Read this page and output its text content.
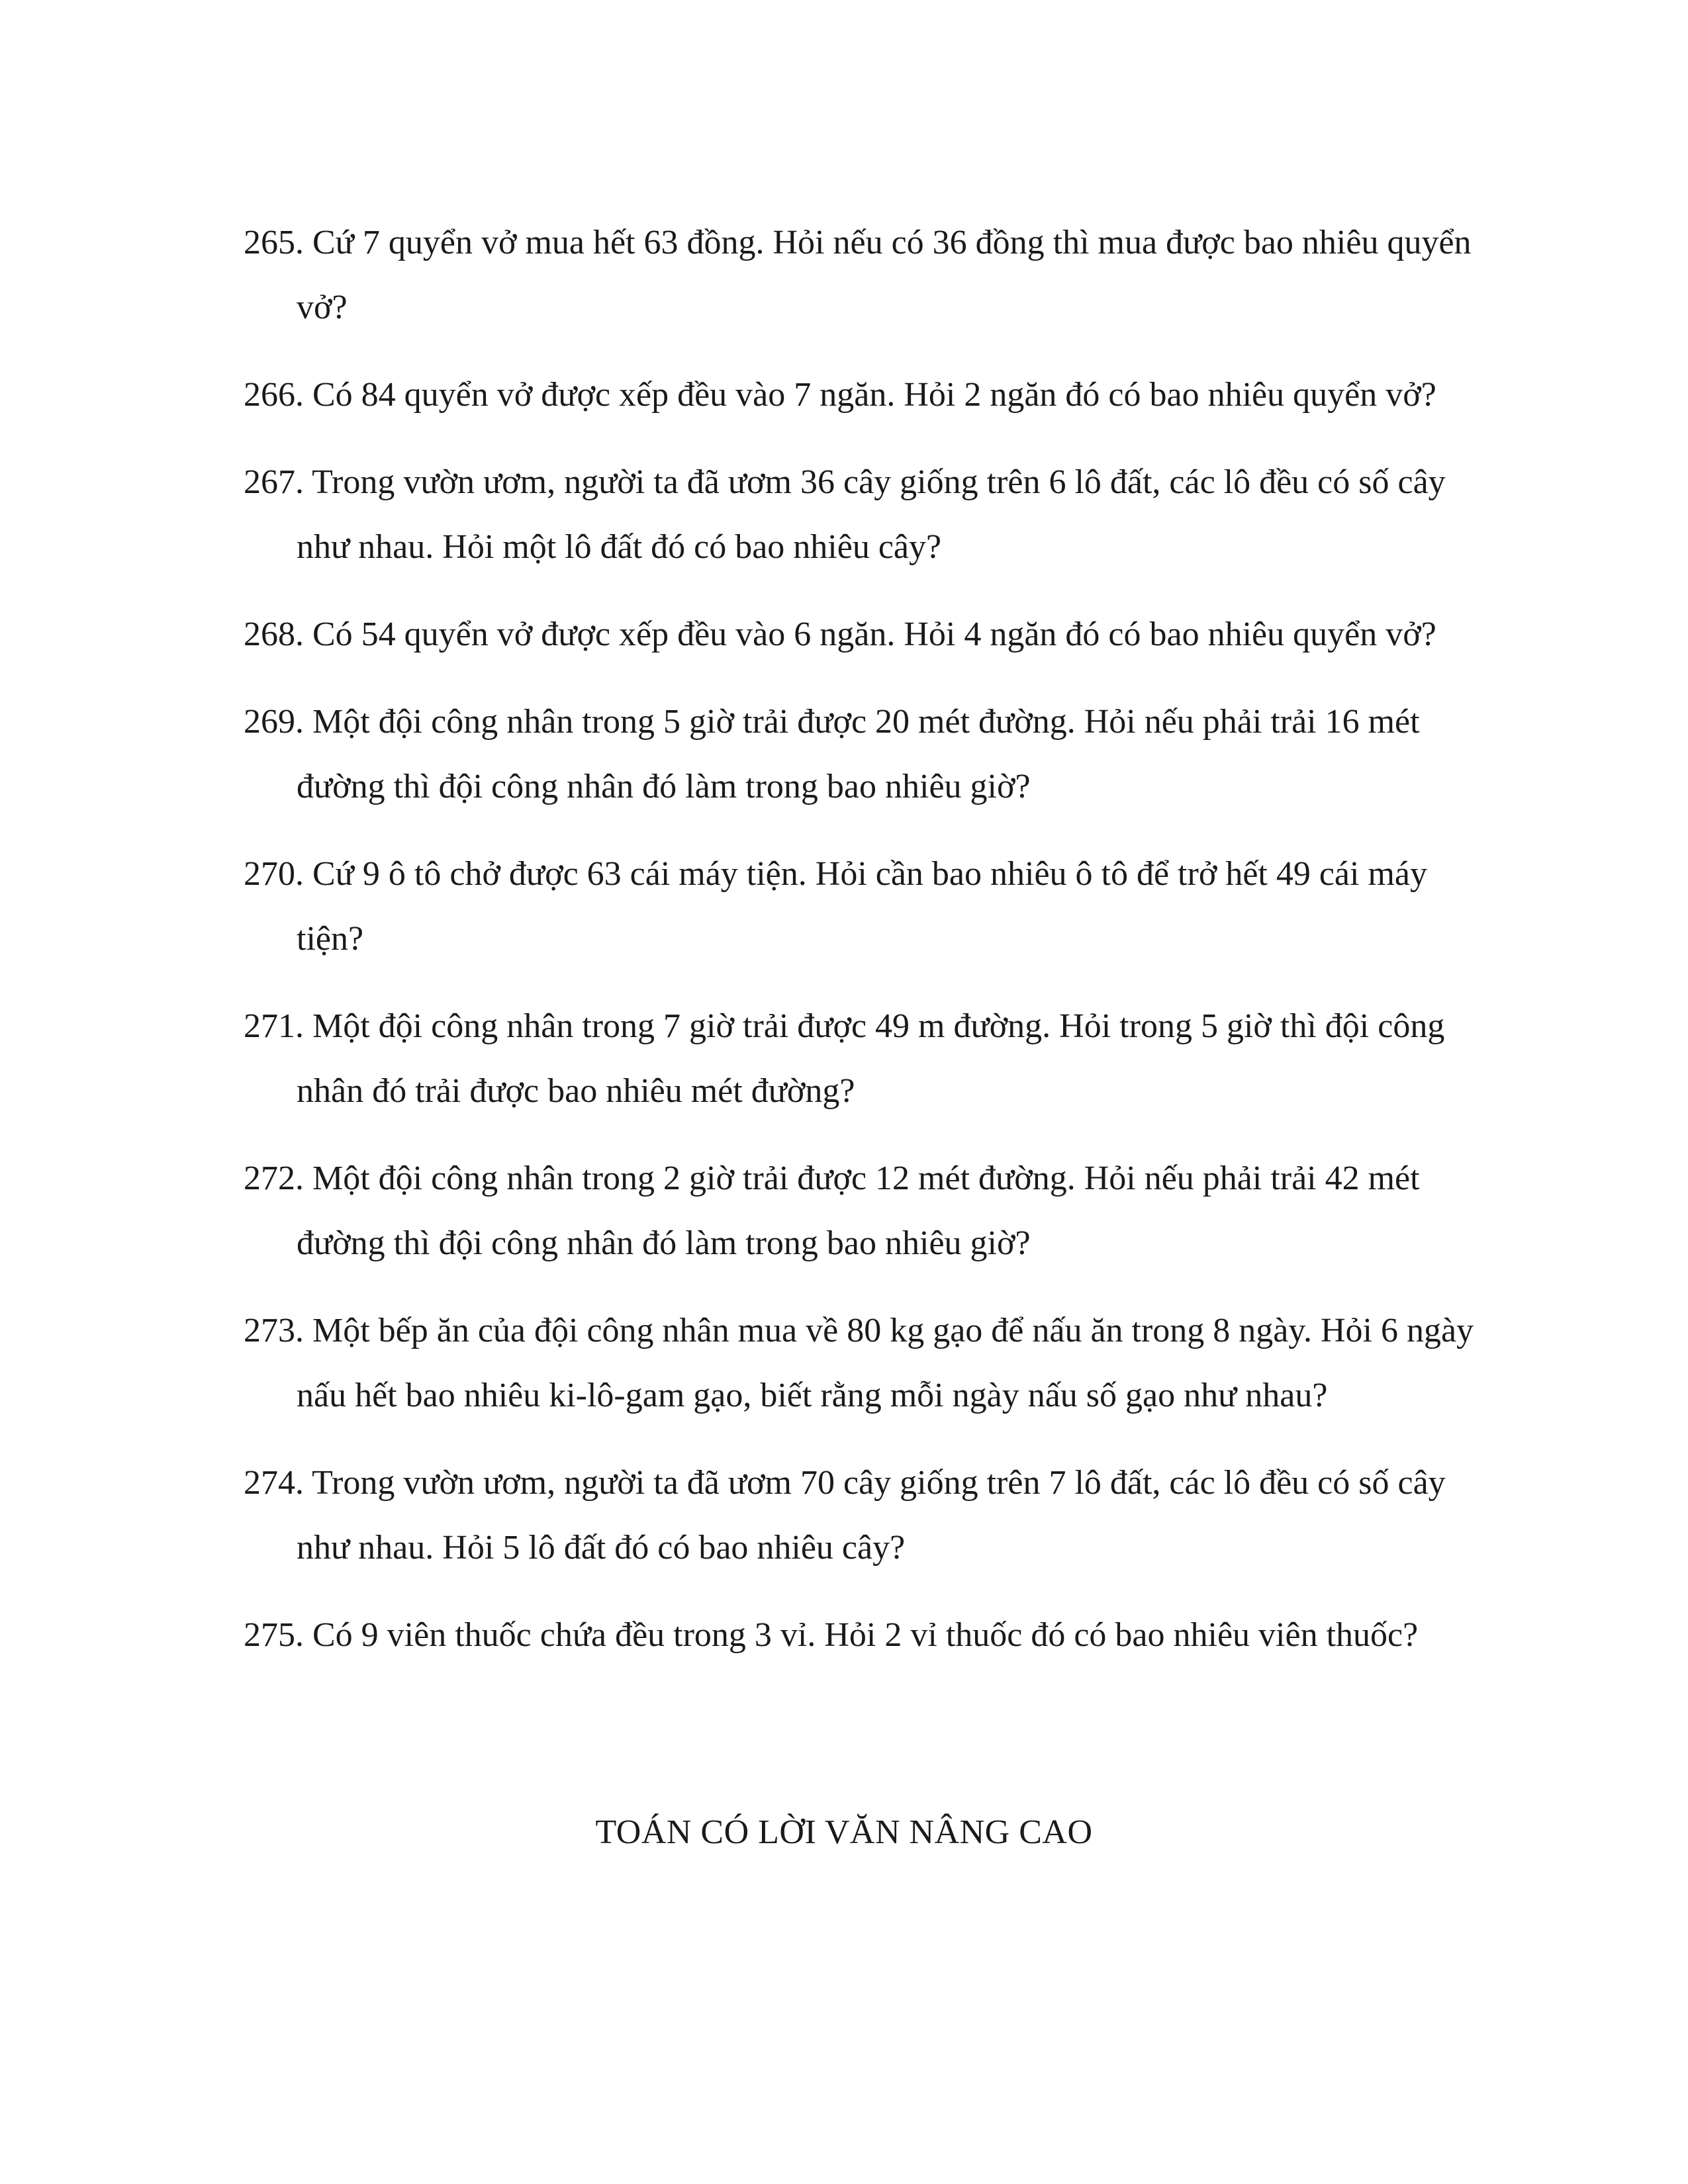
265. Cứ 7 quyển vở mua hết 63 đồng. Hỏi nếu có 36 đồng thì mua được bao nhiêu quyển vở?
266. Có 84 quyển vở được xếp đều vào 7 ngăn. Hỏi 2 ngăn đó có bao nhiêu quyển vở?
267. Trong vườn ươm, người ta đã ươm 36 cây giống trên 6 lô đất, các lô đều có số cây như nhau. Hỏi một lô đất đó có bao nhiêu cây?
268. Có 54 quyển vở được xếp đều vào 6 ngăn. Hỏi 4 ngăn đó có bao nhiêu quyển vở?
269. Một đội công nhân trong 5 giờ trải được 20 mét đường. Hỏi nếu phải trải 16 mét đường thì đội công nhân đó làm trong bao nhiêu giờ?
270. Cứ 9 ô tô chở được 63 cái máy tiện. Hỏi cần bao nhiêu ô tô để trở hết 49 cái máy tiện?
271. Một đội công nhân trong 7 giờ trải được 49 m đường. Hỏi trong 5 giờ thì đội công nhân đó trải được bao nhiêu mét đường?
272. Một đội công nhân trong 2 giờ trải được 12 mét đường. Hỏi nếu phải trải 42 mét đường thì đội công nhân đó làm trong bao nhiêu giờ?
273. Một bếp ăn của đội công nhân mua về 80 kg gạo để nấu ăn trong 8 ngày. Hỏi 6 ngày nấu hết bao nhiêu ki-lô-gam gạo, biết rằng mỗi ngày nấu số gạo như nhau?
274. Trong vườn ươm, người ta đã ươm 70 cây giống trên 7 lô đất, các lô đều có số cây như nhau. Hỏi 5 lô đất đó có bao nhiêu cây?
275. Có 9 viên thuốc chứa đều trong 3 vỉ. Hỏi 2 vỉ thuốc đó có bao nhiêu viên thuốc?
TOÁN CÓ LỜI VĂN NÂNG CAO
